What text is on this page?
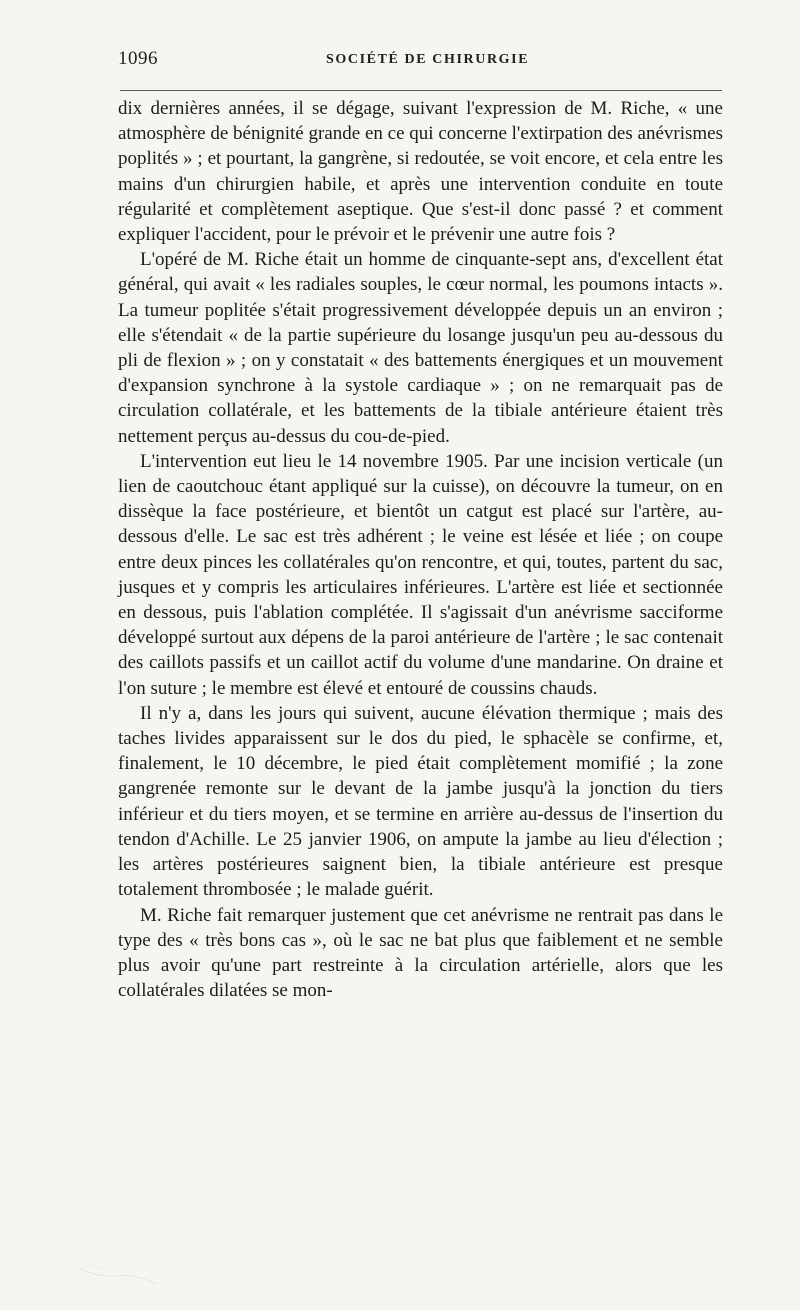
1096	SOCIÉTÉ DE CHIRURGIE

dix dernières années, il se dégage, suivant l'expression de M. Riche, « une atmosphère de bénignité grande en ce qui concerne l'extirpation des anévrismes poplités » ; et pourtant, la gangrène, si redoutée, se voit encore, et cela entre les mains d'un chirurgien habile, et après une intervention conduite en toute régularité et complètement aseptique. Que s'est-il donc passé ? et comment expliquer l'accident, pour le prévoir et le prévenir une autre fois ?

L'opéré de M. Riche était un homme de cinquante-sept ans, d'excellent état général, qui avait « les radiales souples, le cœur normal, les poumons intacts ». La tumeur poplitée s'était progressivement développée depuis un an environ ; elle s'étendait « de la partie supérieure du losange jusqu'un peu au-dessous du pli de flexion » ; on y constatait « des battements énergiques et un mouvement d'expansion synchrone à la systole cardiaque » ; on ne remarquait pas de circulation collatérale, et les battements de la tibiale antérieure étaient très nettement perçus au-dessus du cou-de-pied.

L'intervention eut lieu le 14 novembre 1905. Par une incision verticale (un lien de caoutchouc étant appliqué sur la cuisse), on découvre la tumeur, on en dissèque la face postérieure, et bientôt un catgut est placé sur l'artère, au-dessous d'elle. Le sac est très adhérent ; le veine est lésée et liée ; on coupe entre deux pinces les collatérales qu'on rencontre, et qui, toutes, partent du sac, jusques et y compris les articulaires inférieures. L'artère est liée et sectionnée en dessous, puis l'ablation complétée. Il s'agissait d'un anévrisme sacciforme développé surtout aux dépens de la paroi antérieure de l'artère ; le sac contenait des caillots passifs et un caillot actif du volume d'une mandarine. On draine et l'on suture ; le membre est élevé et entouré de coussins chauds.

Il n'y a, dans les jours qui suivent, aucune élévation thermique ; mais des taches livides apparaissent sur le dos du pied, le sphacèle se confirme, et, finalement, le 10 décembre, le pied était complètement momifié ; la zone gangrenée remonte sur le devant de la jambe jusqu'à la jonction du tiers inférieur et du tiers moyen, et se termine en arrière au-dessus de l'insertion du tendon d'Achille. Le 25 janvier 1906, on ampute la jambe au lieu d'élection ; les artères postérieures saignent bien, la tibiale antérieure est presque totalement thrombosée ; le malade guérit.

M. Riche fait remarquer justement que cet anévrisme ne rentrait pas dans le type des « très bons cas », où le sac ne bat plus que faiblement et ne semble plus avoir qu'une part restreinte à la circulation artérielle, alors que les collatérales dilatées se mon-
